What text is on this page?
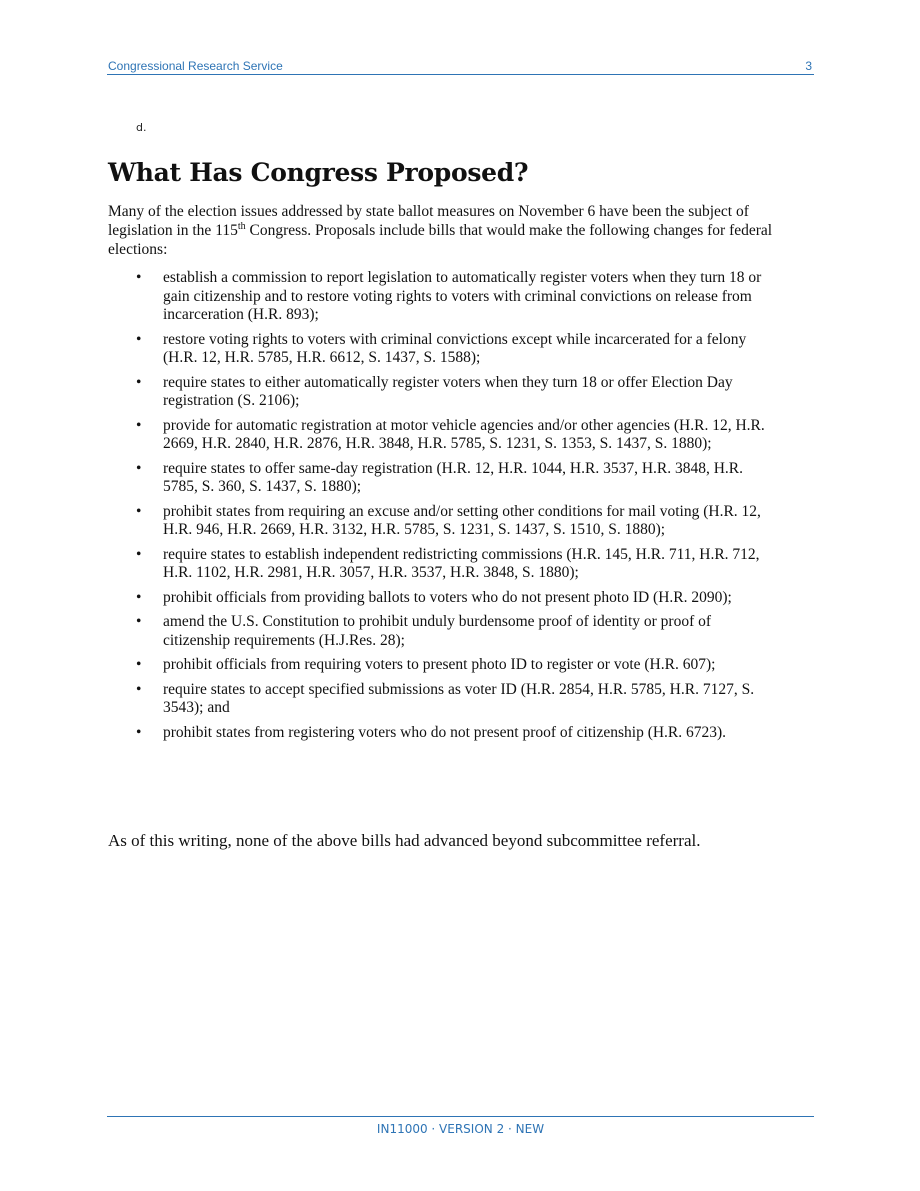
Congressional Research Service	3
d.
What Has Congress Proposed?

Many of the election issues addressed by state ballot measures on November 6 have been the subject of legislation in the 115th Congress. Proposals include bills that would make the following changes for federal elections:

• establish a commission to report legislation to automatically register voters when they turn 18 or gain citizenship and to restore voting rights to voters with criminal convictions on release from incarceration (H.R. 893);
• restore voting rights to voters with criminal convictions except while incarcerated for a felony (H.R. 12, H.R. 5785, H.R. 6612, S. 1437, S. 1588);
• require states to either automatically register voters when they turn 18 or offer Election Day registration (S. 2106);
• provide for automatic registration at motor vehicle agencies and/or other agencies (H.R. 12, H.R. 2669, H.R. 2840, H.R. 2876, H.R. 3848, H.R. 5785, S. 1231, S. 1353, S. 1437, S. 1880);
• require states to offer same-day registration (H.R. 12, H.R. 1044, H.R. 3537, H.R. 3848, H.R. 5785, S. 360, S. 1437, S. 1880);
• prohibit states from requiring an excuse and/or setting other conditions for mail voting (H.R. 12, H.R. 946, H.R. 2669, H.R. 3132, H.R. 5785, S. 1231, S. 1437, S. 1510, S. 1880);
• require states to establish independent redistricting commissions (H.R. 145, H.R. 711, H.R. 712, H.R. 1102, H.R. 2981, H.R. 3057, H.R. 3537, H.R. 3848, S. 1880);
• prohibit officials from providing ballots to voters who do not present photo ID (H.R. 2090);
• amend the U.S. Constitution to prohibit unduly burdensome proof of identity or proof of citizenship requirements (H.J.Res. 28);
• prohibit officials from requiring voters to present photo ID to register or vote (H.R. 607);
• require states to accept specified submissions as voter ID (H.R. 2854, H.R. 5785, H.R. 7127, S. 3543); and
• prohibit states from registering voters who do not present proof of citizenship (H.R. 6723).

As of this writing, none of the above bills had advanced beyond subcommittee referral.

IN11000 · VERSION 2 · NEW
